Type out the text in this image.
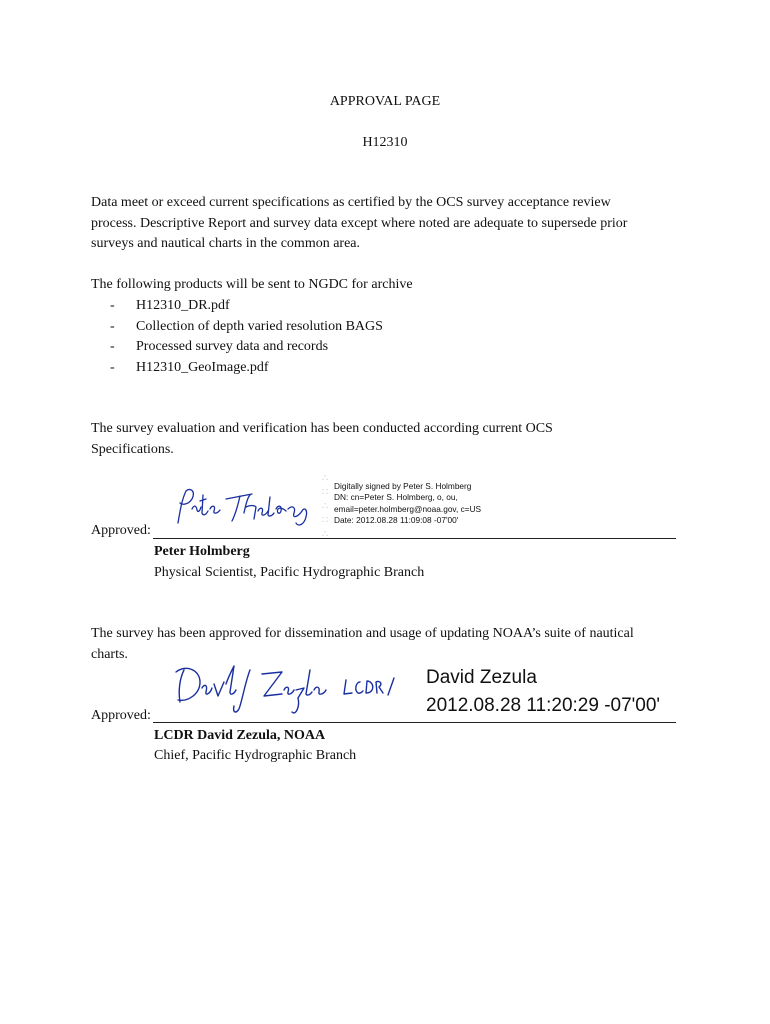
APPROVAL PAGE
H12310
Data meet or exceed current specifications as certified by the OCS survey acceptance review
process. Descriptive Report and survey data except where noted are adequate to supersede prior
surveys and nautical charts in the common area.
The following products will be sent to NGDC for archive
-	H12310_DR.pdf
-	Collection of depth varied resolution BAGS
-	Processed survey data and records
-	H12310_GeoImage.pdf
The survey evaluation and verification has been conducted according current OCS
Specifications.
∴
∷
∴
∷
∴
Digitally signed by Peter S. Holmberg
DN: cn=Peter S. Holmberg, o, ou,
email=peter.holmberg@noaa.gov, c=US
Date: 2012.08.28 11:09:08 -07'00'
Approved:
Peter Holmberg
Physical Scientist, Pacific Hydrographic Branch
The survey has been approved for dissemination and usage of updating NOAA’s suite of nautical
charts.
David Zezula
2012.08.28 11:20:29 -07'00'
Approved:
LCDR David Zezula, NOAA
Chief, Pacific Hydrographic Branch
